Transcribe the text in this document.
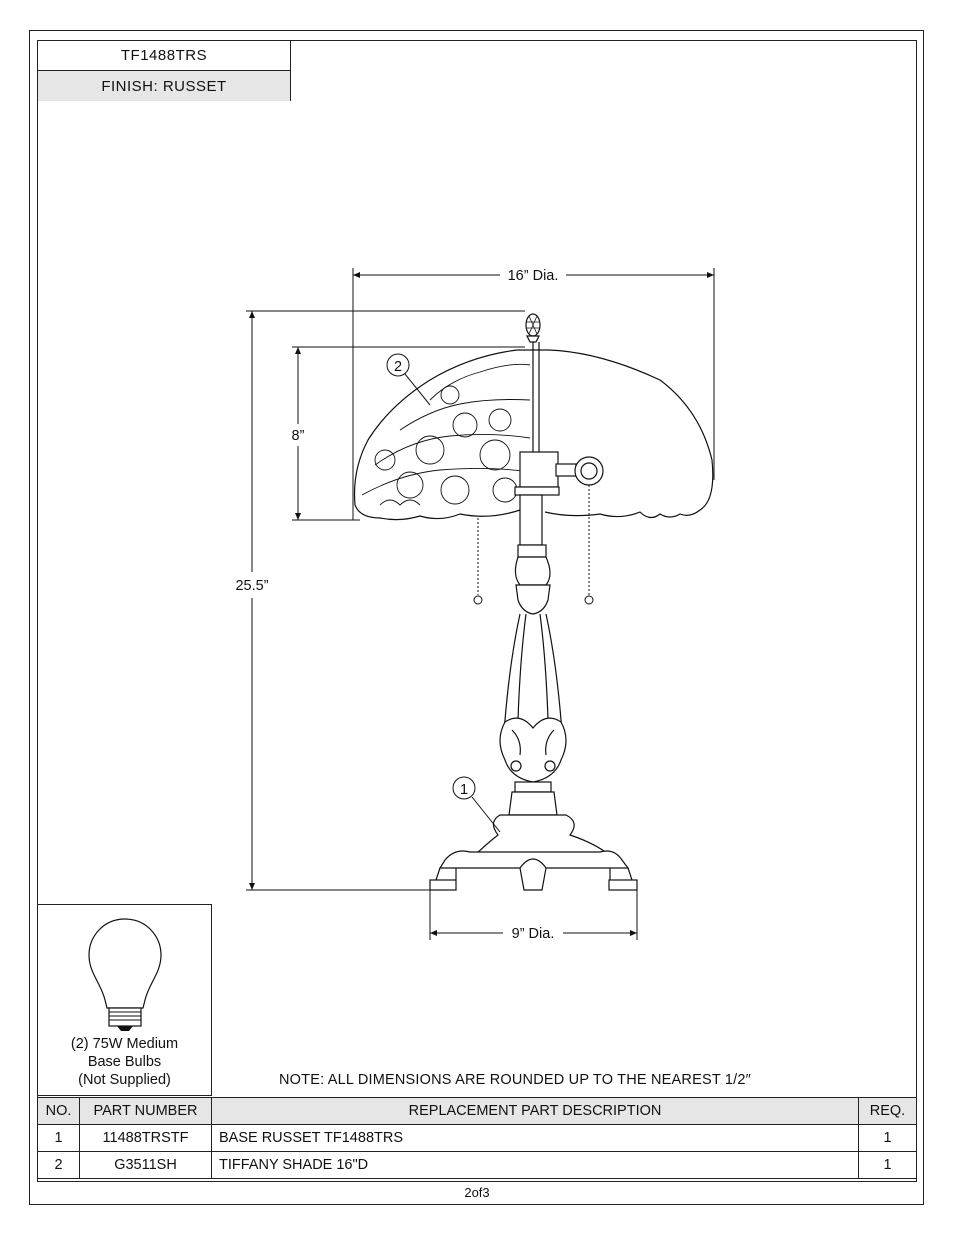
TF1488TRS
FINISH: RUSSET
16” Dia.
8”
25.5”
9” Dia.
2
1
(2) 75W Medium
Base Bulbs
(Not Supplied)	NOTE: ALL DIMENSIONS ARE ROUNDED UP TO THE NEAREST 1/2″
NO.	PART NUMBER	REPLACEMENT PART DESCRIPTION	REQ.
1	11488TRSTF	BASE RUSSET TF1488TRS	1
2	G3511SH	TIFFANY SHADE 16"D	1
2of3
